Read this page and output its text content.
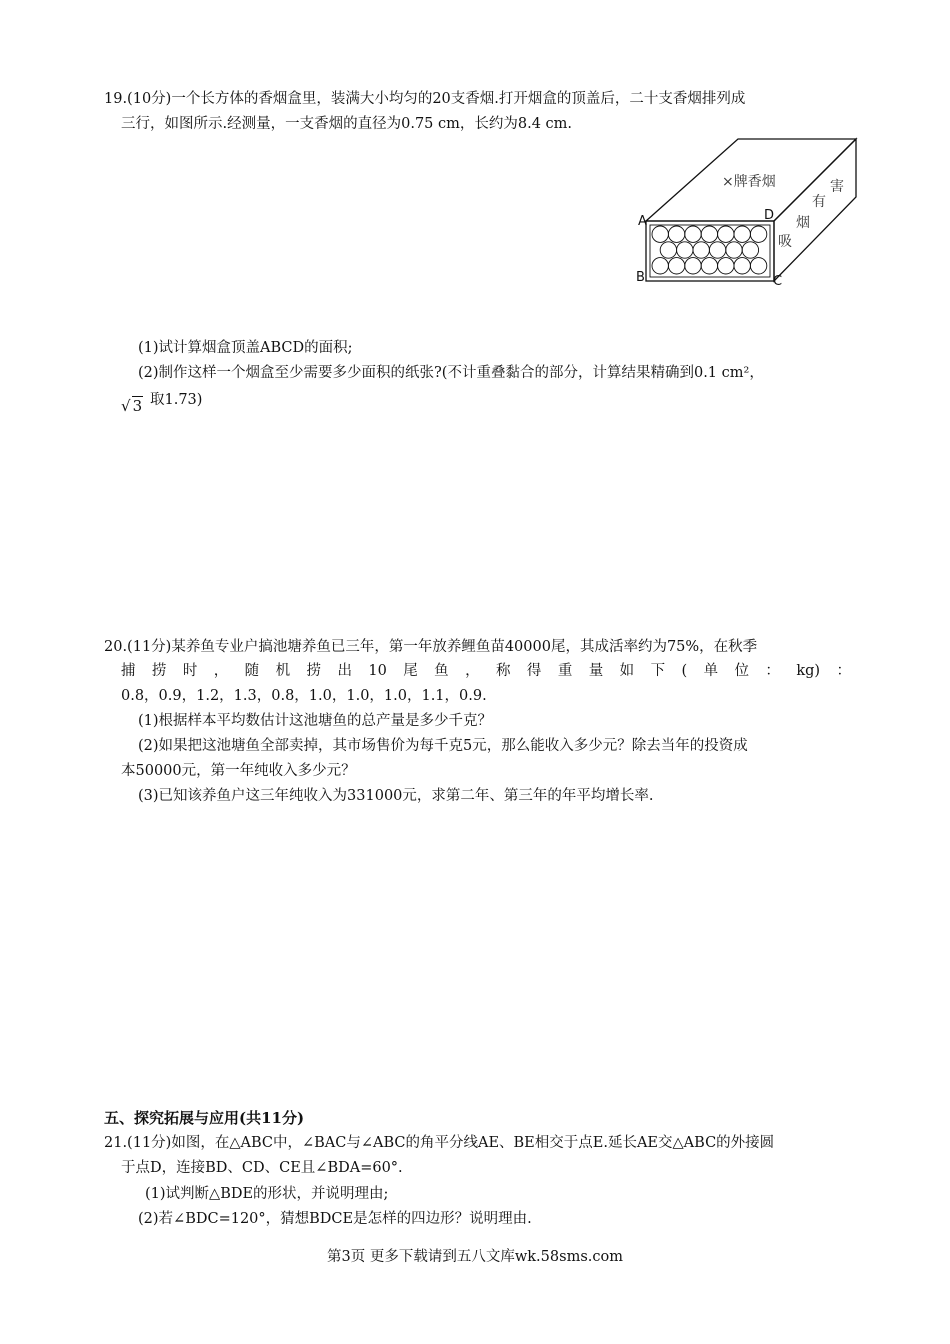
19.(10分)一个长方体的香烟盒里，装满大小均匀的20支香烟.打开烟盒的顶盖后，二十支香烟排列成
三行，如图所示.经测量，一支香烟的直径为0.75 cm，长约为8.4 cm.
A
B	C
D
×牌香烟
吸
烟
有
害
(1)试计算烟盒顶盖ABCD的面积;
(2)制作这样一个烟盒至少需要多少面积的纸张?(不计重叠黏合的部分，计算结果精确到0.1 cm²，
√ 3 取1.73)
20.(11分)某养鱼专业户搞池塘养鱼已三年，第一年放养鲤鱼苗40000尾，其成活率约为75%，在秋季
捕捞时，随机捞出10尾鱼，称得重量如下(单位：kg)：
0.8，0.9，1.2，1.3，0.8，1.0，1.0，1.0，1.1，0.9.
(1)根据样本平均数估计这池塘鱼的总产量是多少千克？
(2)如果把这池塘鱼全部卖掉，其市场售价为每千克5元，那么能收入多少元？除去当年的投资成
本50000元，第一年纯收入多少元？
(3)已知该养鱼户这三年纯收入为331000元，求第二年、第三年的年平均增长率.
五、探究拓展与应用(共11分)
21.(11分)如图，在△ABC中，∠BAC与∠ABC的角平分线AE、BE相交于点E.延长AE交△ABC的外接圆
于点D，连接BD、CD、CE且∠BDA=60°.
(1)试判断△BDE的形状，并说明理由;
(2)若∠BDC=120°，猜想BDCE是怎样的四边形？说明理由.
第3页 更多下载请到五八文库wk.58sms.com
